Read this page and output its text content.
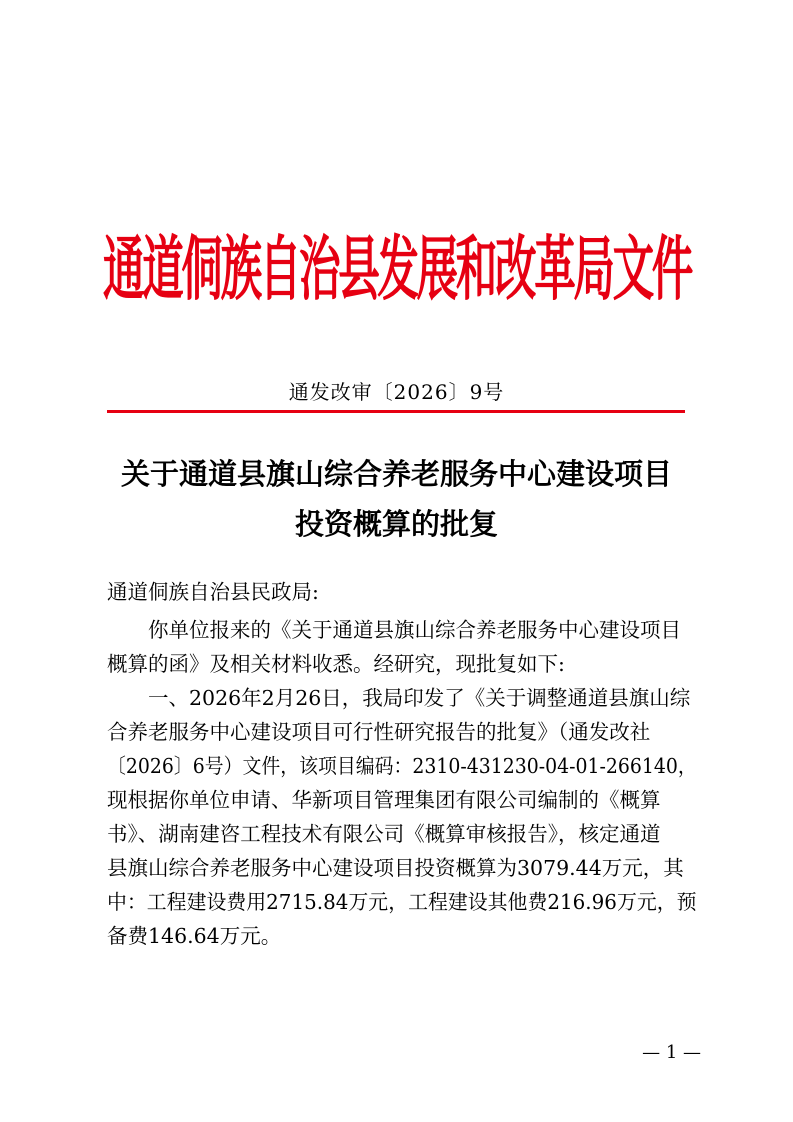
通道侗族自治县发展和改革局文件
通发改审〔2026〕9号
关于通道县旗山综合养老服务中心建设项目
投资概算的批复
通道侗族自治县民政局:
　　你单位报来的《关于通道县旗山综合养老服务中心建设项目
概算的函》及相关材料收悉。经研究，现批复如下:
　　一、2026年2月26日，我局印发了《关于调整通道县旗山综
合养老服务中心建设项目可行性研究报告的批复》（通发改社
〔2026〕6号）文件，该项目编码：2310-431230-04-01-266140，
现根据你单位申请、华新项目管理集团有限公司编制的《概算
书》、湖南建咨工程技术有限公司《概算审核报告》，核定通道
县旗山综合养老服务中心建设项目投资概算为3079.44万元，其
中：工程建设费用2715.84万元，工程建设其他费216.96万元，预
备费146.64万元。
— 1 —
